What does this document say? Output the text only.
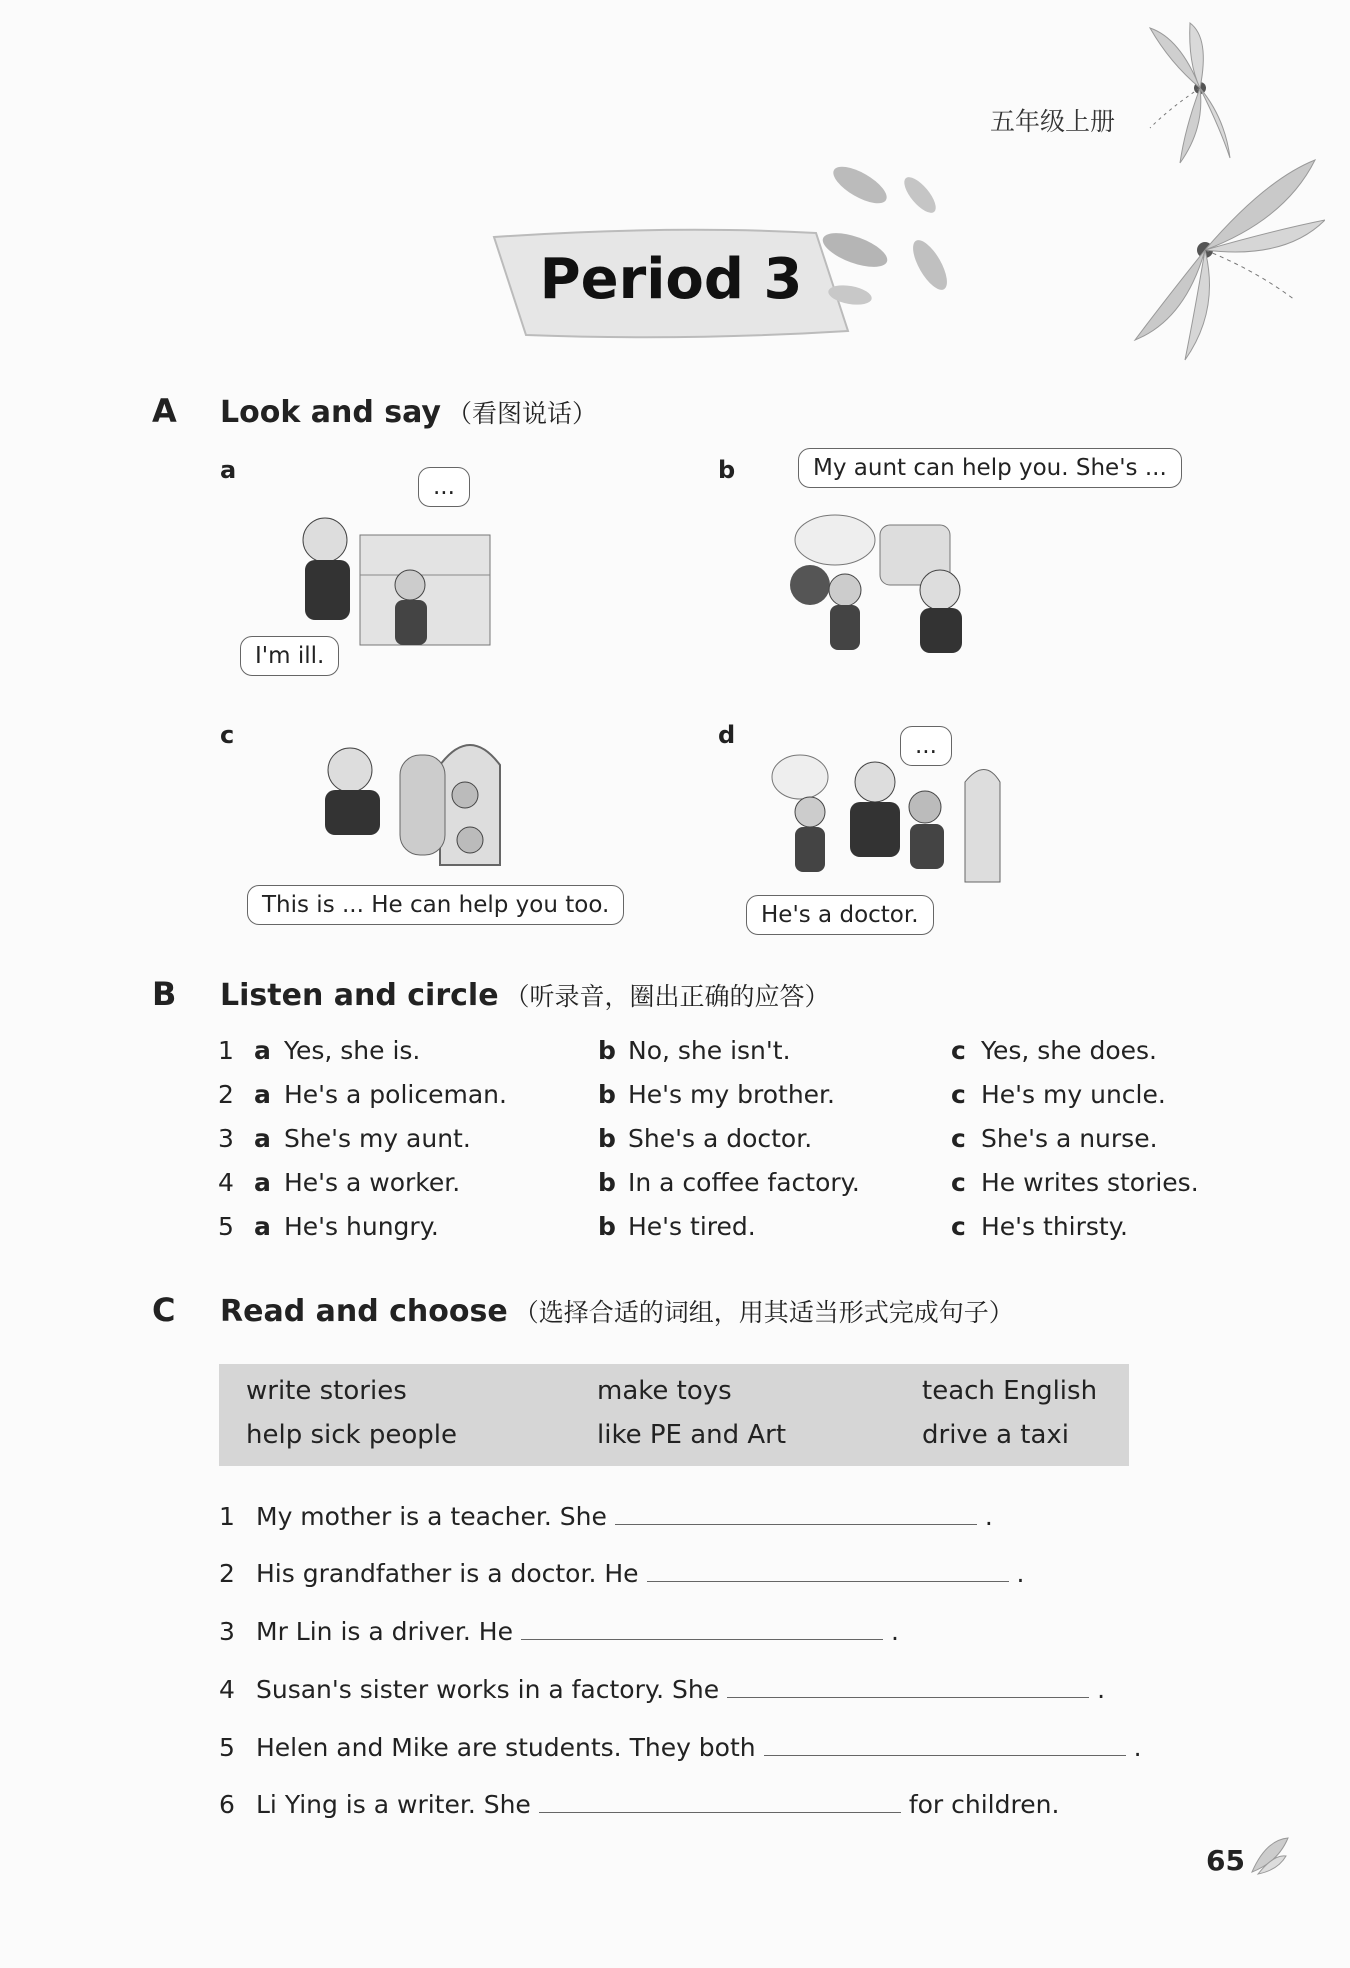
五年级上册
Period 3
A	Look and say （看图说话）
a
...
I'm ill.
b	My aunt can help you. She's ...
c
This is ... He can help you too.
d	...
He's a doctor.
B	Listen and circle （听录音，圈出正确的应答）
1 a Yes, she is.	b No, she isn't.	c Yes, she does.
2 a He's a policeman.	b He's my brother.	c He's my uncle.
3 a She's my aunt.	b She's a doctor.	c She's a nurse.
4 a He's a worker.	b In a coffee factory.	c He writes stories.
5 a He's hungry.	b He's tired.	c He's thirsty.
C	Read and choose （选择合适的词组，用其适当形式完成句子）
write stories	make toys	teach English
help sick people	like PE and Art	drive a taxi
1 My mother is a teacher. She	.
2 His grandfather is a doctor. He	.
3 Mr Lin is a driver. He	.
4 Susan's sister works in a factory. She	.
5 Helen and Mike are students. They both	.
6 Li Ying is a writer. She	for children.
65
